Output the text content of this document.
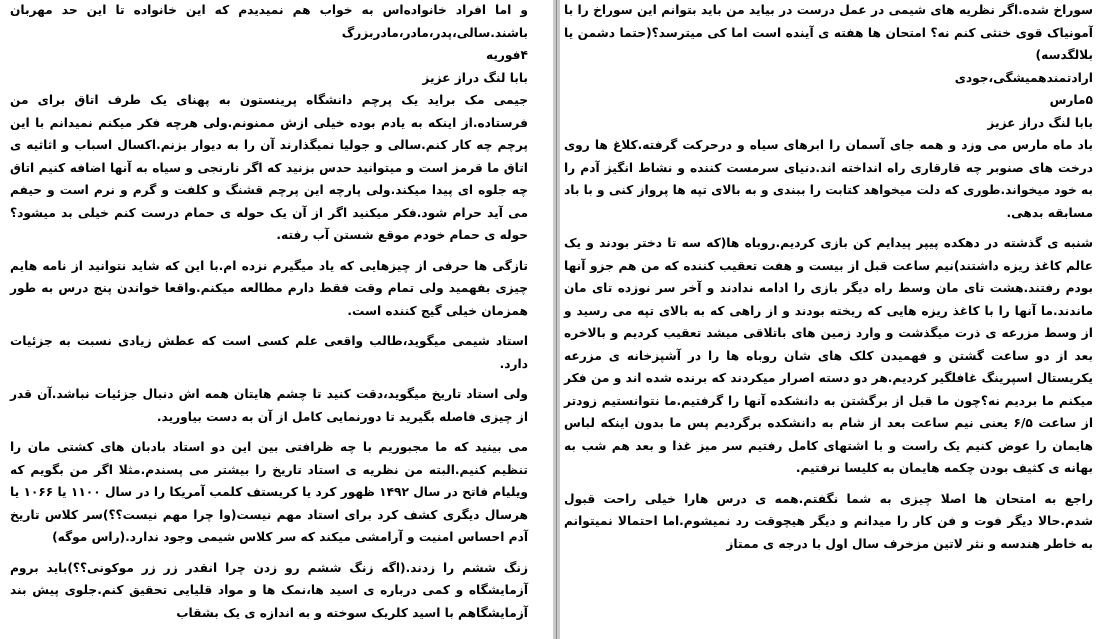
سوراخ شده.اگر نظریه های شیمی در عمل درست در بیاید من باید بتوانم این سوراخ را با آمونیاک قوی خنثی کنم نه؟ امتحان ها هفته ی آینده است اما کی میترسد؟(حتما دشمن یا بلالگدسه)

ارادتمندهمیشگی،جودی

۵مارس

بابا لنگ دراز عزیز

باد ماه مارس می وزد و همه جای آسمان را ابرهای سیاه و درحرکت گرفته.کلاغ ها روی درخت های صنوبر چه قارقاری راه انداخته اند.دنیای سرمست کننده و نشاط انگیز آدم را به خود میخواند.طوری که دلت میخواهد کتابت را ببندی و به بالای تپه ها پرواز کنی و با باد مسابقه بدهی.

شنبه ی گذشته در دهکده پیپر پیدایم کن بازی کردیم.روباه ها(که سه تا دختر بودند و یک عالم کاغذ ریزه داشتند)نیم ساعت قبل از بیست و هفت تعقیب کننده که من هم جزو آنها بودم رفتند.هشت تای مان وسط راه دیگر بازی را ادامه ندادند و آخر سر نوزده تای مان ماندند.ما آنها را با کاغذ ریزه هایی که ریخته بودند و از راهی که به بالای تپه می رسید و از وسط مزرعه ی ذرت میگذشت و وارد زمین های باتلاقی میشد تعقیب کردیم و بالاخره بعد از دو ساعت گشتن و فهمیدن کلک های شان روباه ها را در آشپزخانه ی مزرعه یکریستال اسپرینگ غافلگیر کردیم.هر دو دسته اصرار میکردند که برنده شده اند و من فکر میکنم ما بردیم نه؟چون ما قبل از برگشتن به دانشکده آنها را گرفتیم.ما نتوانستیم زودتر از ساعت ۶/۵ یعنی نیم ساعت بعد از شام به دانشکده برگردیم پس ما بدون اینکه لباس هایمان را عوض کنیم یک راست و با اشتهای کامل رفتیم سر میز غذا و بعد هم شب به بهانه ی کثیف بودن چکمه هایمان به کلیسا نرفتیم.

راجع به امتحان ها اصلا چیزی به شما نگفتم.همه ی درس هارا خیلی راحت قبول شدم.حالا دیگر فوت و فن کار را میدانم و دیگر هیچوقت رد نمیشوم.اما احتمالا نمیتوانم به خاطر هندسه و نثر لاتین مزخرف سال اول با درجه ی ممتاز

و اما افراد خانواده‌اس به خواب هم نمیدیدم که این خانواده تا این حد مهربان باشند.سالی،پدر،مادر،مادربزرگ

۴فوریه

بابا لنگ دراز عزیز

جیمی مک براید یک پرچم دانشگاه پرینستون به پهنای یک طرف اتاق برای من فرستاده.از اینکه به یادم بوده خیلی ازش ممنونم.ولی هرچه فکر میکنم نمیدانم با این پرچم چه کار کنم.سالی و جولیا نمیگذارند آن را به دیوار بزنم.اکسال اسباب و اثاثیه ی اتاق ما قرمز است و میتوانید حدس بزنید که اگر نارنجی و سیاه به آنها اضافه کنیم اتاق چه جلوه ای پیدا میکند.ولی پارچه این پرچم قشنگ و کلفت و گرم و نرم است و حیفم می آید حرام شود.فکر میکنید اگر از آن یک حوله ی حمام درست کنم خیلی بد میشود؟حوله ی حمام خودم موقع شستن آب رفته.

تازگی ها حرفی از چیزهایی که یاد میگیرم نزده ام.با این که شاید نتوانید از نامه هایم چیزی بفهمید ولی تمام وقت فقط دارم مطالعه میکنم.واقعا خواندن پنج درس به طور همزمان خیلی گیج کننده است.

استاد شیمی میگوید،طالب واقعی علم کسی است که عطش زیادی نسبت به جزئیات دارد.

ولی استاد تاریخ میگوید،دقت کنید تا چشم هایتان همه اش دنبال جزئیات نباشد.آن قدر از چیزی فاصله بگیرید تا دورنمایی کامل از آن به دست بیاورید.

می بینید که ما مجبوریم با چه ظرافتی بین این دو استاد بادبان های کشتی مان را تنظیم کنیم.البته من نظریه ی استاد تاریخ را بیشتر می پسندم.مثلا اگر من بگویم که ویلیام فاتح در سال ۱۴۹۲ ظهور کرد یا کریستف کلمب آمریکا را در سال ۱۱۰۰ یا ۱۰۶۶ یا هرسال دیگری کشف کرد برای استاد مهم نیست(وا چرا مهم نیست؟؟)سر کلاس تاریخ آدم احساس امنیت و آرامشی میکند که سر کلاس شیمی وجود ندارد.(راس موگه)

زنگ ششم را زدند.(اگه زنگ ششم رو زدن چرا انقدر زر زر موکونی؟؟)باید بروم آزمایشگاه و کمی درباره ی اسید ها،نمک ها و مواد قلیایی تحقیق کنم.جلوی پیش بند آزمایشگاهم با اسید کلریک سوخته و به اندازه ی یک بشقاب
